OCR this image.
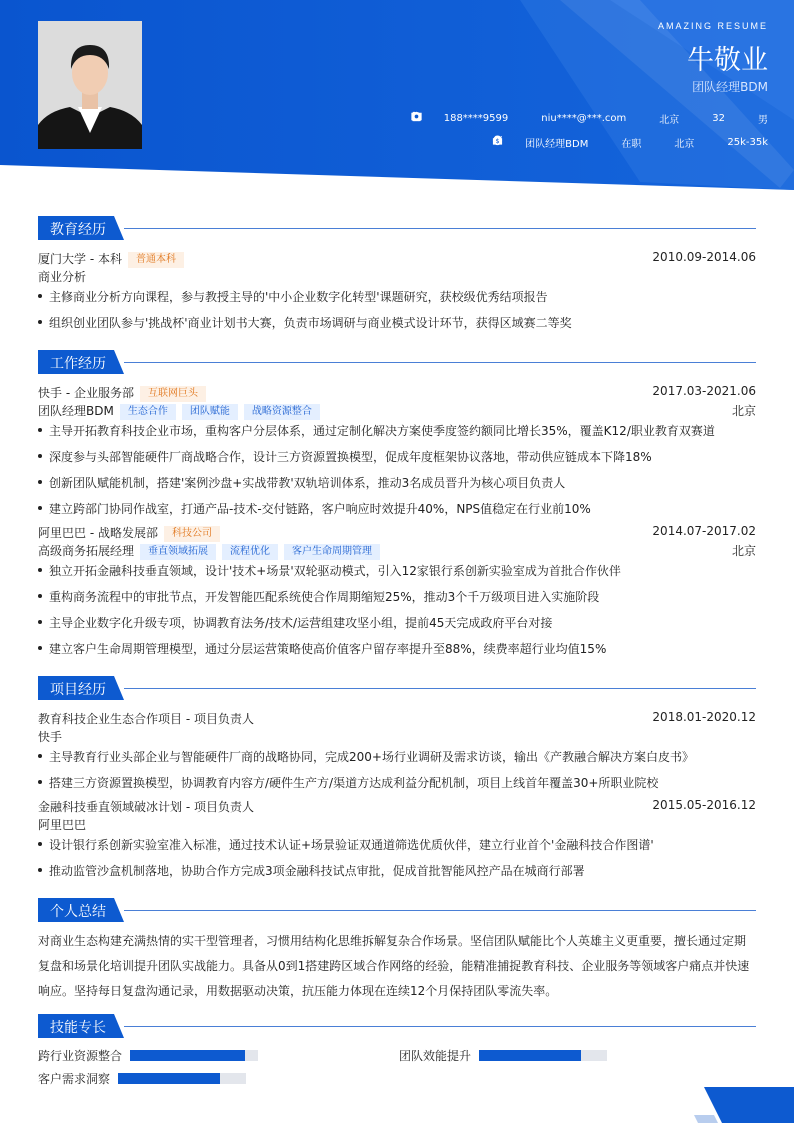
AMAZING RESUME
牛敬业
团队经理BDM
188****9599	niu****@***.com	北京	32	男
团队经理BDM	在职	北京
$	25k-35k
教育经历
厦门大学 - 本科 普通本科	2010.09-2014.06
商业分析
主修商业分析方向课程，参与教授主导的'中小企业数字化转型'课题研究，获校级优秀结项报告
组织创业团队参与'挑战杯'商业计划书大赛，负责市场调研与商业模式设计环节，获得区域赛二等奖
工作经历
快手 - 企业服务部 互联网巨头	2017.03-2021.06
团队经理BDM 生态合作 团队赋能 战略资源整合	北京
主导开拓教育科技企业市场，重构客户分层体系，通过定制化解决方案使季度签约额同比增长35%，覆盖K12/职业教育双赛道
深度参与头部智能硬件厂商战略合作，设计三方资源置换模型，促成年度框架协议落地，带动供应链成本下降18%
创新团队赋能机制，搭建'案例沙盘+实战带教'双轨培训体系，推动3名成员晋升为核心项目负责人
建立跨部门协同作战室，打通产品-技术-交付链路，客户响应时效提升40%，NPS值稳定在行业前10%
阿里巴巴 - 战略发展部 科技公司	2014.07-2017.02
高级商务拓展经理 垂直领域拓展 流程优化 客户生命周期管理	北京
独立开拓金融科技垂直领域，设计'技术+场景'双轮驱动模式，引入12家银行系创新实验室成为首批合作伙伴
重构商务流程中的审批节点，开发智能匹配系统使合作周期缩短25%，推动3个千万级项目进入实施阶段
主导企业数字化升级专项，协调教育法务/技术/运营组建攻坚小组，提前45天完成政府平台对接
建立客户生命周期管理模型，通过分层运营策略使高价值客户留存率提升至88%，续费率超行业均值15%
项目经历
教育科技企业生态合作项目 - 项目负责人	2018.01-2020.12
快手
主导教育行业头部企业与智能硬件厂商的战略协同，完成200+场行业调研及需求访谈，输出《产教融合解决方案白皮书》
搭建三方资源置换模型，协调教育内容方/硬件生产方/渠道方达成利益分配机制，项目上线首年覆盖30+所职业院校
金融科技垂直领域破冰计划 - 项目负责人	2015.05-2016.12
阿里巴巴
设计银行系创新实验室准入标准，通过技术认证+场景验证双通道筛选优质伙伴，建立行业首个'金融科技合作图谱'
推动监管沙盒机制落地，协助合作方完成3项金融科技试点审批，促成首批智能风控产品在城商行部署
个人总结
对商业生态构建充满热情的实干型管理者，习惯用结构化思维拆解复杂合作场景。坚信团队赋能比个人英雄主义更重要，擅长通过定期复盘和场景化培训提升团队实战能力。具备从0到1搭建跨区域合作网络的经验，能精准捕捉教育科技、企业服务等领域客户痛点并快速响应。坚持每日复盘沟通记录，用数据驱动决策，抗压能力体现在连续12个月保持团队零流失率。
技能专长
跨行业资源整合	团队效能提升
客户需求洞察
